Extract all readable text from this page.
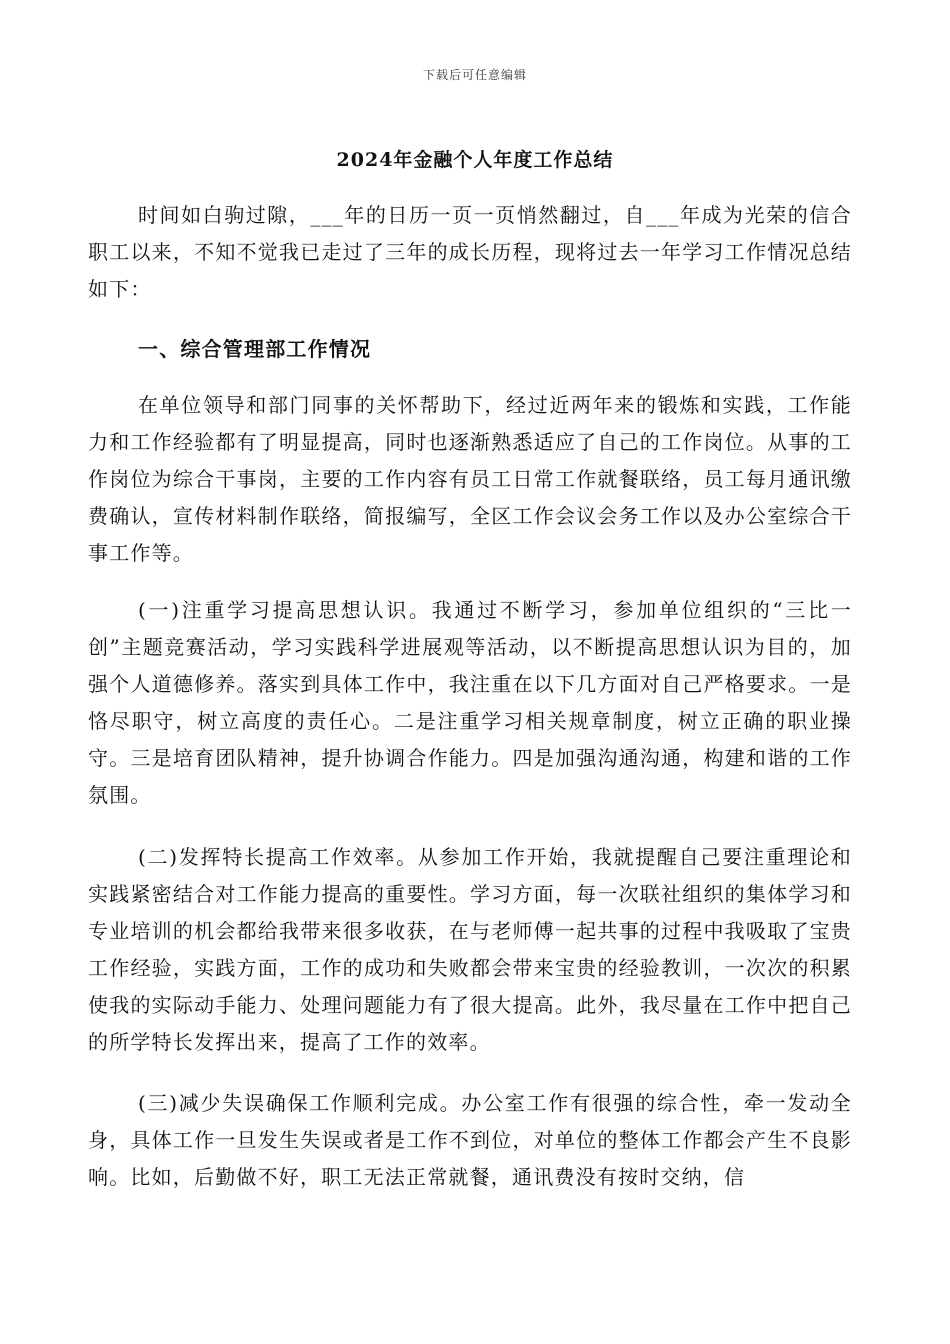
下载后可任意编辑
2024年金融个人年度工作总结

时间如白驹过隙，___年的日历一页一页悄然翻过，自___年成为光荣的信合职工以来，不知不觉我已走过了三年的成长历程，现将过去一年学习工作情况总结如下：

一、综合管理部工作情况

在单位领导和部门同事的关怀帮助下，经过近两年来的锻炼和实践，工作能力和工作经验都有了明显提高，同时也逐渐熟悉适应了自己的工作岗位。从事的工作岗位为综合干事岗，主要的工作内容有员工日常工作就餐联络，员工每月通讯缴费确认，宣传材料制作联络，简报编写，全区工作会议会务工作以及办公室综合干事工作等。

(一)注重学习提高思想认识。我通过不断学习，参加单位组织的“三比一创”主题竞赛活动，学习实践科学进展观等活动，以不断提高思想认识为目的，加强个人道德修养。落实到具体工作中，我注重在以下几方面对自己严格要求。一是恪尽职守，树立高度的责任心。二是注重学习相关规章制度，树立正确的职业操守。三是培育团队精神，提升协调合作能力。四是加强沟通沟通，构建和谐的工作氛围。

(二)发挥特长提高工作效率。从参加工作开始，我就提醒自己要注重理论和实践紧密结合对工作能力提高的重要性。学习方面，每一次联社组织的集体学习和专业培训的机会都给我带来很多收获，在与老师傅一起共事的过程中我吸取了宝贵工作经验，实践方面，工作的成功和失败都会带来宝贵的经验教训，一次次的积累使我的实际动手能力、处理问题能力有了很大提高。此外，我尽量在工作中把自己的所学特长发挥出来，提高了工作的效率。

(三)减少失误确保工作顺利完成。办公室工作有很强的综合性，牵一发动全身，具体工作一旦发生失误或者是工作不到位，对单位的整体工作都会产生不良影响。比如，后勤做不好，职工无法正常就餐，通讯费没有按时交纳，信
